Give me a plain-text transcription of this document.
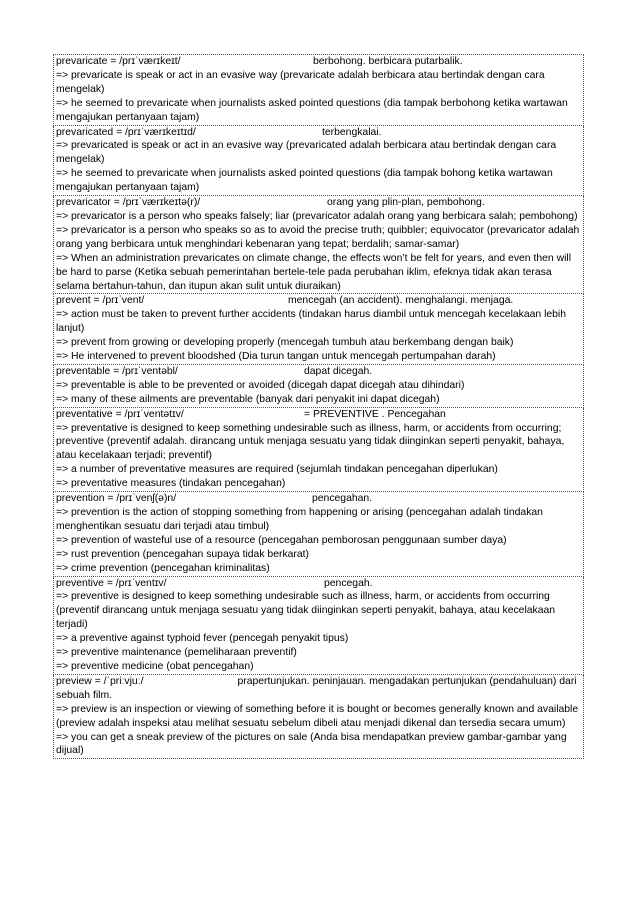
prevaricate = /prɪˈværɪkeɪt/	berbohong. berbicara putarbalik.
=> prevaricate is speak or act in an evasive way (prevaricate adalah berbicara atau bertindak dengan cara mengelak)
=> he seemed to prevaricate when journalists asked pointed questions (dia tampak berbohong ketika wartawan mengajukan pertanyaan tajam)
prevaricated = /prɪˈværɪkeɪtɪd/	terbengkalai.
=> prevaricated is speak or act in an evasive way (prevaricated adalah berbicara atau bertindak dengan cara mengelak)
=> he seemed to prevaricate when journalists asked pointed questions (dia tampak bohong ketika wartawan mengajukan pertanyaan tajam)
prevaricator = /prɪˈværɪkeɪtə(r)/	orang yang plin-plan, pembohong.
=> prevaricator is a person who speaks falsely; liar (prevaricator adalah orang yang berbicara salah; pembohong)
=> prevaricator is a person who speaks so as to avoid the precise truth; quibbler; equivocator (prevaricator adalah orang yang berbicara untuk menghindari kebenaran yang tepat; berdalih; samar-samar)
=> When an administration prevaricates on climate change, the effects won’t be felt for years, and even then will be hard to parse (Ketika sebuah pemerintahan bertele-tele pada perubahan iklim, efeknya tidak akan terasa selama bertahun-tahun, dan itupun akan sulit untuk diuraikan)
prevent = /prɪˈvent/	mencegah (an accident). menghalangi. menjaga.
=> action must be taken to prevent further accidents (tindakan harus diambil untuk mencegah kecelakaan lebih lanjut)
=> prevent from growing or developing properly (mencegah tumbuh atau berkembang dengan baik)
=> He intervened to prevent bloodshed (Dia turun tangan untuk mencegah pertumpahan darah)
preventable = /prɪˈventəbl/	dapat dicegah.
=> preventable is able to be prevented or avoided (dicegah dapat dicegah atau dihindari)
=> many of these ailments are preventable (banyak dari penyakit ini dapat dicegah)
preventative = /prɪˈventətɪv/	= PREVENTIVE . Pencegahan
=> preventative is designed to keep something undesirable such as illness, harm, or accidents from occurring; preventive (preventif adalah. dirancang untuk menjaga sesuatu yang tidak diinginkan seperti penyakit, bahaya, atau kecelakaan terjadi; preventif)
=> a number of preventative measures are required (sejumlah tindakan pencegahan diperlukan)
=> preventative measures (tindakan pencegahan)
prevention = /prɪˈvenʃ(ə)n/	pencegahan.
=> prevention is the action of stopping something from happening or arising (pencegahan adalah tindakan menghentikan sesuatu dari terjadi atau timbul)
=> prevention of wasteful use of a resource (pencegahan pemborosan penggunaan sumber daya)
=> rust prevention (pencegahan supaya tidak berkarat)
=> crime prevention (pencegahan kriminalitas)
preventive = /prɪˈventɪv/	pencegah.
=> preventive is designed to keep something undesirable such as illness, harm, or accidents from occurring (preventif dirancang untuk menjaga sesuatu yang tidak diinginkan seperti penyakit, bahaya, atau kecelakaan terjadi)
=> a preventive against typhoid fever (pencegah penyakit tipus)
=> preventive maintenance (pemeliharaan preventif)
=> preventive medicine (obat pencegahan)
preview = /ˈpriːvjuː/	prapertunjukan. peninjauan. mengadakan pertunjukan (pendahuluan) dari sebuah film.
=> preview is an inspection or viewing of something before it is bought or becomes generally known and available (preview adalah inspeksi atau melihat sesuatu sebelum dibeli atau menjadi dikenal dan tersedia secara umum)
=> you can get a sneak preview of the pictures on sale (Anda bisa mendapatkan preview gambar-gambar yang dijual)
